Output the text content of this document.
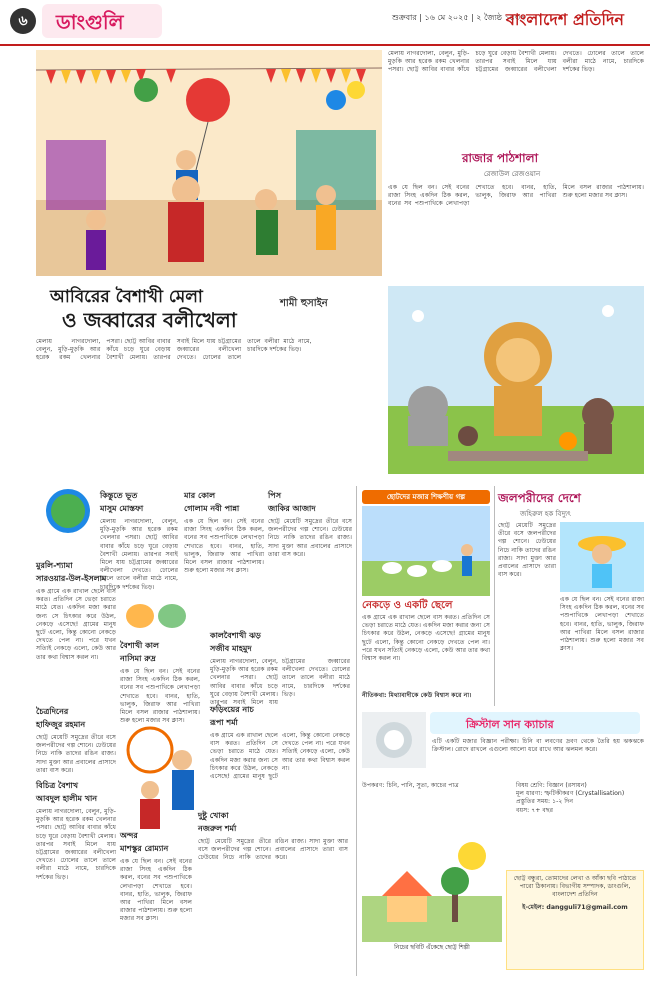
৬	ডাংগুলি	শুক্রবার | ১৬ মে ২০২৫ | ২ জ্যৈষ্ঠ ১৪৩২
বাংলাদেশ প্রতিদিন
আবিরের বৈশাখী মেলা
ও জব্বারের বলীখেলা
শামী হুসাইন
মেলায় নাগরদোলা, বেলুন, মুড়ি-মুড়কি আর হরেক রকম খেলনার পসরা। ছোট্ট আবির বাবার কাঁধে চড়ে ঘুরে বেড়ায় বৈশাখী মেলায়। তারপর সবাই মিলে যায় চট্টগ্রামের জব্বারের বলীখেলা দেখতে। ঢোলের তালে তালে বলীরা মাঠে নামে, চারদিকে দর্শকের ভিড়।
মেলায় নাগরদোলা, বেলুন, মুড়ি-মুড়কি আর হরেক রকম খেলনার পসরা। ছোট্ট আবির বাবার কাঁধে চড়ে ঘুরে বেড়ায় বৈশাখী মেলায়। তারপর সবাই মিলে যায় চট্টগ্রামের জব্বারের বলীখেলা দেখতে। ঢোলের তালে তালে বলীরা মাঠে নামে, চারদিকে দর্শকের ভিড়।
রাজার পাঠশালা
রেজাউল রেজওয়ান
এক যে ছিল বন। সেই বনের রাজা সিংহ একদিন ঠিক করল, বনের সব পশুপাখিকে লেখাপড়া শেখাতে হবে। বানর, হাতি, ভালুক, জিরাফ আর পাখিরা মিলে বসল রাজার পাঠশালায়। শুরু হলো মজার সব ক্লাস।
কিন্তুতে ভূত
মাসুম মোস্তফা
মেলায় নাগরদোলা, বেলুন, মুড়ি-মুড়কি আর হরেক রকম খেলনার পসরা। ছোট্ট আবির বাবার কাঁধে চড়ে ঘুরে বেড়ায় বৈশাখী মেলায়। তারপর সবাই মিলে যায় চট্টগ্রামের জব্বারের বলীখেলা দেখতে। ঢোলের তালে তালে বলীরা মাঠে নামে, চারদিকে দর্শকের ভিড়।
মার কোল
গোলাম নবী পান্না
এক যে ছিল বন। সেই বনের রাজা সিংহ একদিন ঠিক করল, বনের সব পশুপাখিকে লেখাপড়া শেখাতে হবে। বানর, হাতি, ভালুক, জিরাফ আর পাখিরা মিলে বসল রাজার পাঠশালায়। শুরু হলো মজার সব ক্লাস।
পিস
জাকির আজাদ
ছোট্ট মেয়েটি সমুদ্রের তীরে বসে জলপরীদের গল্প শোনে। ঢেউয়ের নিচে নাকি তাদের রঙিন রাজ্য। সাদা মুক্তা আর প্রবালের প্রাসাদে তারা বাস করে।
মুরলি-শ্যামা
সারওয়ার-উল-ইসলাম
এক গ্রামে এক রাখাল ছেলে বাস করত। প্রতিদিন সে ভেড়া চরাতে মাঠে যেত। একদিন মজা করার জন্য সে চিৎকার করে উঠল, নেকড়ে এসেছে! গ্রামের মানুষ ছুটে এলো, কিন্তু কোনো নেকড়ে দেখতে পেল না। পরে যখন সত্যিই নেকড়ে এলো, কেউ আর তার কথা বিশ্বাস করল না।
বৈশাখী কাল
নাসিমা রুদ্র
এক যে ছিল বন। সেই বনের রাজা সিংহ একদিন ঠিক করল, বনের সব পশুপাখিকে লেখাপড়া শেখাতে হবে। বানর, হাতি, ভালুক, জিরাফ আর পাখিরা মিলে বসল রাজার পাঠশালায়। শুরু হলো মজার সব ক্লাস।
কালবৈশাখী ঝড়
সজীব মাহমুদ
মেলায় নাগরদোলা, বেলুন, মুড়ি-মুড়কি আর হরেক রকম খেলনার পসরা। ছোট্ট আবির বাবার কাঁধে চড়ে ঘুরে বেড়ায় বৈশাখী মেলায়। তারপর সবাই মিলে যায় চট্টগ্রামের জব্বারের বলীখেলা দেখতে। ঢোলের তালে তালে বলীরা মাঠে নামে, চারদিকে দর্শকের ভিড়।
চৈত্রদিনের
হাফিজুর রহমান
ছোট্ট মেয়েটি সমুদ্রের তীরে বসে জলপরীদের গল্প শোনে। ঢেউয়ের নিচে নাকি তাদের রঙিন রাজ্য। সাদা মুক্তা আর প্রবালের প্রাসাদে তারা বাস করে।
ফড়িংয়ের নাচ
রূপা শর্মা
এক গ্রামে এক রাখাল ছেলে বাস করত। প্রতিদিন সে ভেড়া চরাতে মাঠে যেত। একদিন মজা করার জন্য সে চিৎকার করে উঠল, নেকড়ে এসেছে! গ্রামের মানুষ ছুটে এলো, কিন্তু কোনো নেকড়ে দেখতে পেল না। পরে যখন সত্যিই নেকড়ে এলো, কেউ আর তার কথা বিশ্বাস করল না।
বিচিত্র বৈশাখ
আবদুল হালীম খান
মেলায় নাগরদোলা, বেলুন, মুড়ি-মুড়কি আর হরেক রকম খেলনার পসরা। ছোট্ট আবির বাবার কাঁধে চড়ে ঘুরে বেড়ায় বৈশাখী মেলায়। তারপর সবাই মিলে যায় চট্টগ্রামের জব্বারের বলীখেলা দেখতে। ঢোলের তালে তালে বলীরা মাঠে নামে, চারদিকে দর্শকের ভিড়।
অন্দর
মাশস্কুর রোম্যান
এক যে ছিল বন। সেই বনের রাজা সিংহ একদিন ঠিক করল, বনের সব পশুপাখিকে লেখাপড়া শেখাতে হবে। বানর, হাতি, ভালুক, জিরাফ আর পাখিরা মিলে বসল রাজার পাঠশালায়। শুরু হলো মজার সব ক্লাস।
দুষ্টু খোকা
নজরুল শর্মা
ছোট্ট মেয়েটি সমুদ্রের তীরে বসে জলপরীদের গল্প শোনে। ঢেউয়ের নিচে নাকি তাদের রঙিন রাজ্য। সাদা মুক্তা আর প্রবালের প্রাসাদে তারা বাস করে।
ছোটদের মজার শিক্ষণীয় গল্প
নেকড়ে ও একটি ছেলে
এক গ্রামে এক রাখাল ছেলে বাস করত। প্রতিদিন সে ভেড়া চরাতে মাঠে যেত। একদিন মজা করার জন্য সে চিৎকার করে উঠল, নেকড়ে এসেছে! গ্রামের মানুষ ছুটে এলো, কিন্তু কোনো নেকড়ে দেখতে পেল না। পরে যখন সত্যিই নেকড়ে এলো, কেউ আর তার কথা বিশ্বাস করল না।
নীতিকথা: মিথ্যাবাদীকে কেউ বিশ্বাস করে না।
জলপরীদের দেশে
জহিরুল হক বিদ্যুৎ
ছোট্ট মেয়েটি সমুদ্রের তীরে বসে জলপরীদের গল্প শোনে। ঢেউয়ের নিচে নাকি তাদের রঙিন রাজ্য। সাদা মুক্তা আর প্রবালের প্রাসাদে তারা বাস করে।
এক যে ছিল বন। সেই বনের রাজা সিংহ একদিন ঠিক করল, বনের সব পশুপাখিকে লেখাপড়া শেখাতে হবে। বানর, হাতি, ভালুক, জিরাফ আর পাখিরা মিলে বসল রাজার পাঠশালায়। শুরু হলো মজার সব ক্লাস।
ক্রিস্টাল সান ক্যাচার
এটি একটি মজার বিজ্ঞান পরীক্ষা। চিনি বা লবণের দ্রবণ থেকে তৈরি হয় ঝকঝকে ক্রিস্টাল। রোদে রাখলে এগুলো আলো ধরে রাখে আর ঝলমল করে।
উপকরণ: চিনি, পানি, সুতা, কাচের পাত্র	বিষয় শ্রেণি: বিজ্ঞান (রসায়ন)
মূল ধারণা: স্ফটিকীকরণ (Crystallisation)
প্রস্তুতির সময়: ১-২ দিন
বয়স: ৭+ বছর
নিচের ছবিটি এঁকেছে ছোট্ট শিল্পী
ছোট্ট বন্ধুরা, তোমাদের লেখা ও আঁকা ছবি পাঠাতে পারো ঠিকানায়। বিভাগীয় সম্পাদক, ডাংগুলি, বাংলাদেশ প্রতিদিন
ই-মেইল: dangguli71@gmail.com
